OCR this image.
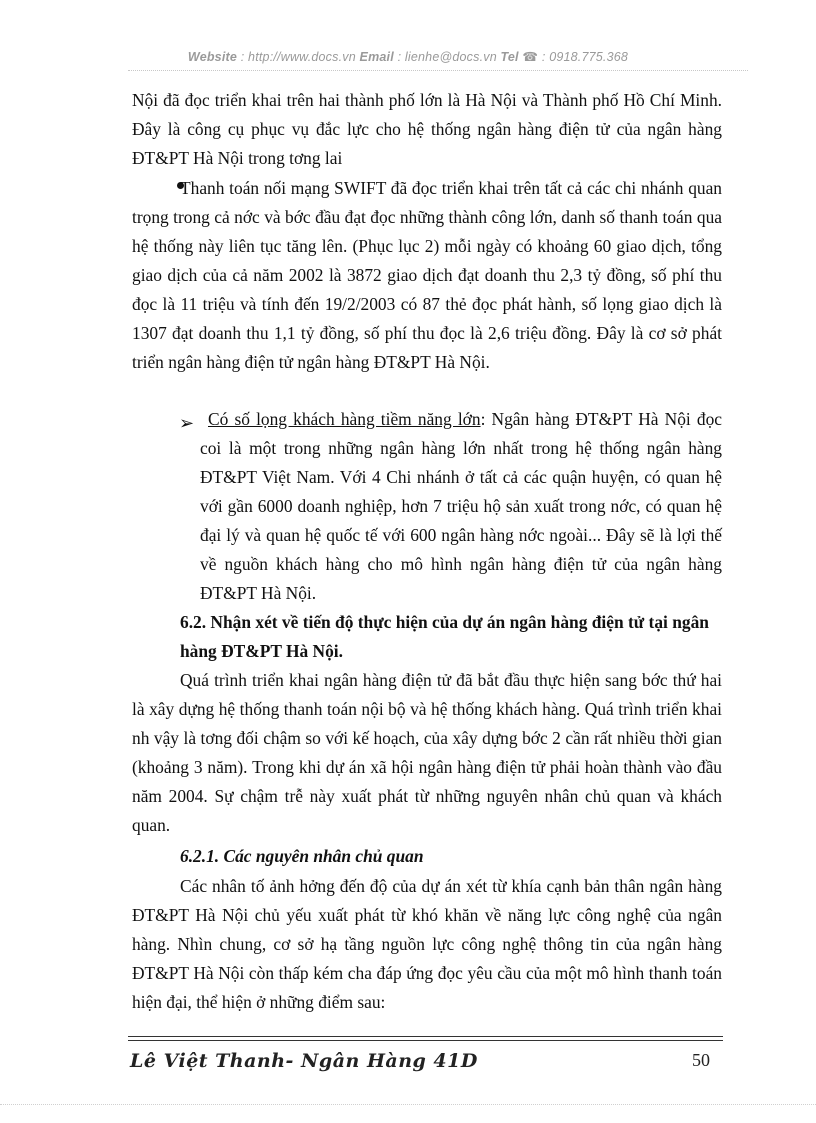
Website : http://www.docs.vn Email : lienhe@docs.vn Tel ☎ : 0918.775.368

Nội đã đọc triển khai trên hai thành phố lớn là Hà Nội và Thành phố Hồ Chí Minh. Đây là công cụ phục vụ đắc lực cho hệ thống ngân hàng điện tử của ngân hàng ĐT&PT Hà Nội trong tơng lai

Thanh toán nối mạng SWIFT đã đọc triển khai trên tất cả các chi nhánh quan trọng trong cả nớc và bớc đầu đạt đọc những thành công lớn, danh số thanh toán qua hệ thống này liên tục tăng lên. (Phục lục 2) mỗi ngày có khoảng 60 giao dịch, tổng giao dịch của cả năm 2002 là 3872 giao dịch đạt doanh thu 2,3 tỷ đồng, số phí thu đọc là 11 triệu và tính đến 19/2/2003 có 87 thẻ đọc phát hành, số lọng giao dịch là 1307 đạt doanh thu 1,1 tỷ đồng, số phí thu đọc là 2,6 triệu đồng. Đây là cơ sở phát triển ngân hàng điện tử ngân hàng ĐT&PT Hà Nội.

➢ Có số lọng khách hàng tiềm năng lớn: Ngân hàng ĐT&PT Hà Nội đọc coi là một trong những ngân hàng lớn nhất trong hệ thống ngân hàng ĐT&PT Việt Nam. Với 4 Chi nhánh ở tất cả các quận huyện, có quan hệ với gần 6000 doanh nghiệp, hơn 7 triệu hộ sản xuất trong nớc, có quan hệ đại lý và quan hệ quốc tế với 600 ngân hàng nớc ngoài... Đây sẽ là lợi thế về nguồn khách hàng cho mô hình ngân hàng điện tử của ngân hàng ĐT&PT Hà Nội.

6.2. Nhận xét về tiến độ thực hiện của dự án ngân hàng điện tử tại ngân hàng ĐT&PT Hà Nội.

Quá trình triển khai ngân hàng điện tử đã bắt đầu thực hiện sang bớc thứ hai là xây dựng hệ thống thanh toán nội bộ và hệ thống khách hàng. Quá trình triển khai nh vậy là tơng đối chậm so với kế hoạch, của xây dựng bớc 2 cần rất nhiều thời gian (khoảng 3 năm). Trong khi dự án xã hội ngân hàng điện tử phải hoàn thành vào đầu năm 2004. Sự chậm trễ này xuất phát từ những nguyên nhân chủ quan và khách quan.

6.2.1. Các nguyên nhân chủ quan

Các nhân tố ảnh hởng đến độ của dự án xét từ khía cạnh bản thân ngân hàng ĐT&PT Hà Nội chủ yếu xuất phát từ khó khăn về năng lực công nghệ của ngân hàng. Nhìn chung, cơ sở hạ tầng nguồn lực công nghệ thông tin của ngân hàng ĐT&PT Hà Nội còn thấp kém cha đáp ứng đọc yêu cầu của một mô hình thanh toán hiện đại, thể hiện ở những điểm sau:

Lê Việt Thanh- Ngân Hàng 41D	50
